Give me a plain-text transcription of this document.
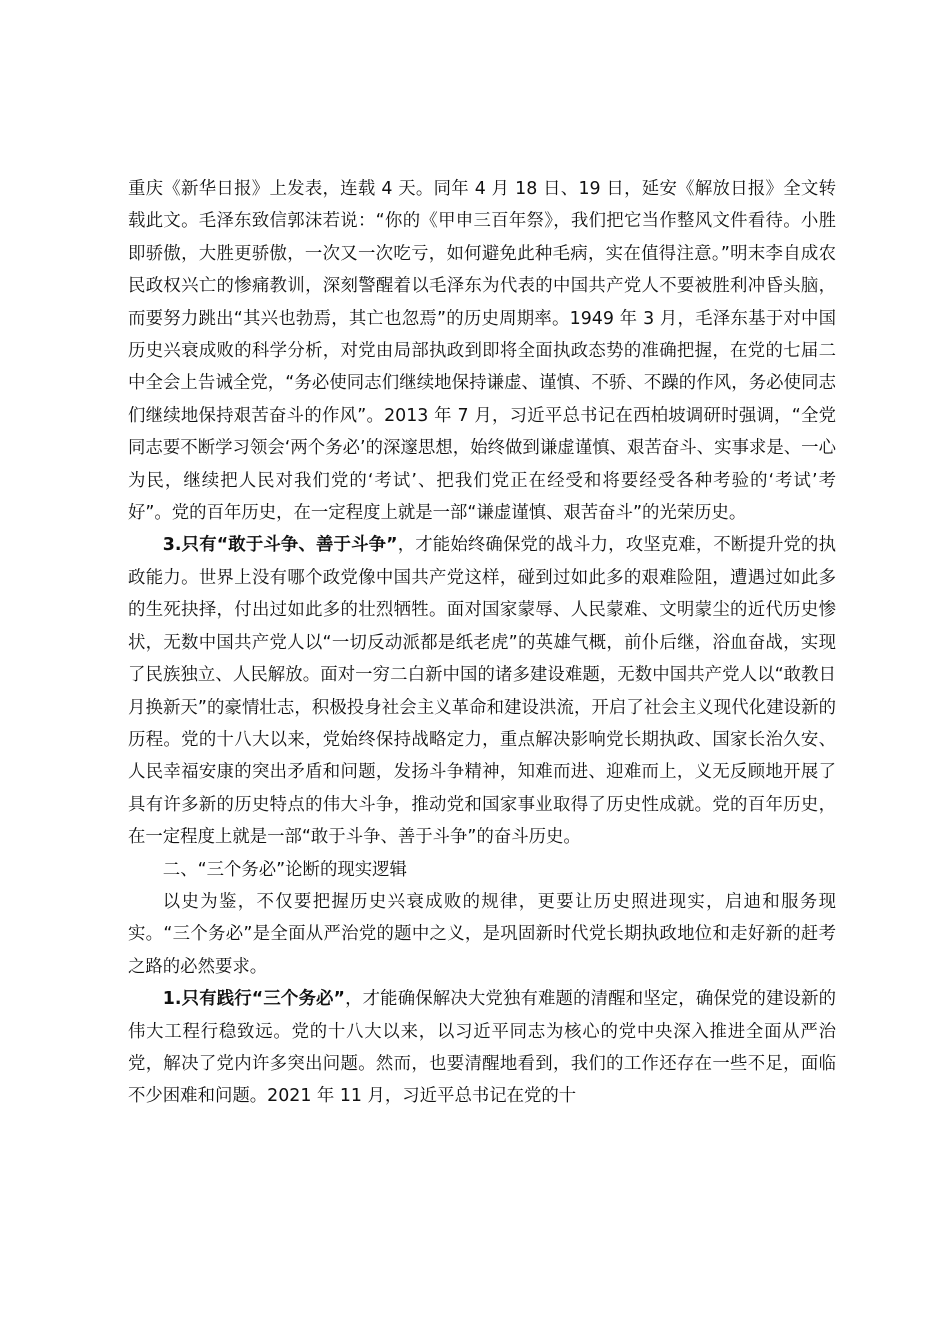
重庆《新华日报》上发表，连载 4 天。同年 4 月 18 日、19 日，延安《解放日报》全文转载此文。毛泽东致信郭沫若说：“你的《甲申三百年祭》，我们把它当作整风文件看待。小胜即骄傲，大胜更骄傲，一次又一次吃亏，如何避免此种毛病，实在值得注意。”明末李自成农民政权兴亡的惨痛教训，深刻警醒着以毛泽东为代表的中国共产党人不要被胜利冲昏头脑，而要努力跳出“其兴也勃焉，其亡也忽焉”的历史周期率。1949 年 3 月，毛泽东基于对中国历史兴衰成败的科学分析，对党由局部执政到即将全面执政态势的准确把握，在党的七届二中全会上告诫全党，“务必使同志们继续地保持谦虚、谨慎、不骄、不躁的作风，务必使同志们继续地保持艰苦奋斗的作风”。2013 年 7 月，习近平总书记在西柏坡调研时强调，“全党同志要不断学习领会‘两个务必’的深邃思想，始终做到谦虚谨慎、艰苦奋斗、实事求是、一心为民，继续把人民对我们党的‘考试’、把我们党正在经受和将要经受各种考验的‘考试’考好”。党的百年历史，在一定程度上就是一部“谦虚谨慎、艰苦奋斗”的光荣历史。

3.只有“敢于斗争、善于斗争”，才能始终确保党的战斗力，攻坚克难，不断提升党的执政能力。世界上没有哪个政党像中国共产党这样，碰到过如此多的艰难险阻，遭遇过如此多的生死抉择，付出过如此多的壮烈牺牲。面对国家蒙辱、人民蒙难、文明蒙尘的近代历史惨状，无数中国共产党人以“一切反动派都是纸老虎”的英雄气概，前仆后继，浴血奋战，实现了民族独立、人民解放。面对一穷二白新中国的诸多建设难题，无数中国共产党人以“敢教日月换新天”的豪情壮志，积极投身社会主义革命和建设洪流，开启了社会主义现代化建设新的历程。党的十八大以来，党始终保持战略定力，重点解决影响党长期执政、国家长治久安、人民幸福安康的突出矛盾和问题，发扬斗争精神，知难而进、迎难而上，义无反顾地开展了具有许多新的历史特点的伟大斗争，推动党和国家事业取得了历史性成就。党的百年历史，在一定程度上就是一部“敢于斗争、善于斗争”的奋斗历史。

二、“三个务必”论断的现实逻辑

以史为鉴，不仅要把握历史兴衰成败的规律，更要让历史照进现实，启迪和服务现实。“三个务必”是全面从严治党的题中之义，是巩固新时代党长期执政地位和走好新的赶考之路的必然要求。

1.只有践行“三个务必”，才能确保解决大党独有难题的清醒和坚定，确保党的建设新的伟大工程行稳致远。党的十八大以来，以习近平同志为核心的党中央深入推进全面从严治党，解决了党内许多突出问题。然而，也要清醒地看到，我们的工作还存在一些不足，面临不少困难和问题。2021 年 11 月，习近平总书记在党的十
